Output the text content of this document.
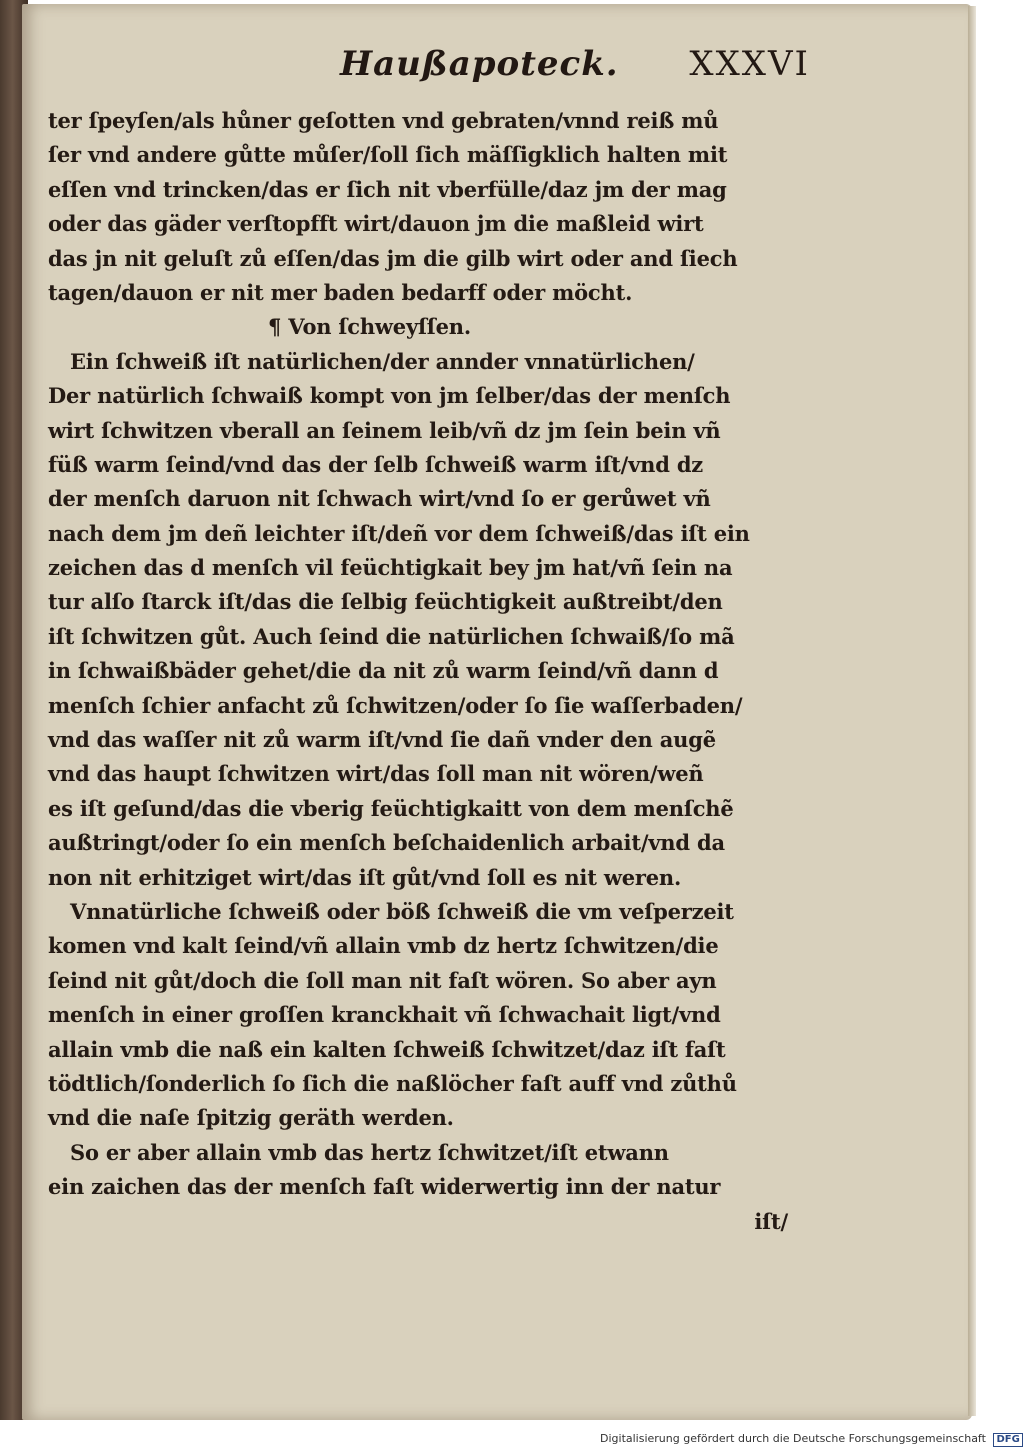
Haußapoteck. XXXVI
ter ſpeyſen/als hůner geſotten vnd gebraten/vnnd reiß mů
ſer vnd andere gůtte můſer/ſoll ſich mäſſigklich halten mit
eſſen vnd trincken/das er ſich nit vberfülle/daz jm der mag
oder das gäder verſtopfft wirt/dauon jm die maßleid wirt
das jn nit geluſt zů eſſen/das jm die gilb wirt oder and ſiech
tagen/dauon er nit mer baden bedarff oder möcht.
¶ Von ſchweyſſen.
Ein ſchweiß iſt natürlichen/der annder vnnatürlichen/
Der natürlich ſchwaiß kompt von jm ſelber/das der menſch
wirt ſchwitzen vberall an ſeinem leib/vñ dz jm ſein bein vñ
füß warm ſeind/vnd das der ſelb ſchweiß warm iſt/vnd dz
der menſch daruon nit ſchwach wirt/vnd ſo er gerůwet vñ
nach dem jm deñ leichter iſt/deñ vor dem ſchweiß/das iſt ein
zeichen das d menſch vil feüchtigkait bey jm hat/vñ ſein na
tur alſo ſtarck iſt/das die ſelbig feüchtigkeit außtreibt/den
iſt ſchwitzen gůt. Auch ſeind die natürlichen ſchwaiß/ſo mã
in ſchwaißbäder gehet/die da nit zů warm ſeind/vñ dann d
menſch ſchier anfacht zů ſchwitzen/oder ſo ſie waſſerbaden/
vnd das waſſer nit zů warm iſt/vnd ſie dañ vnder den augẽ
vnd das haupt ſchwitzen wirt/das ſoll man nit wören/weñ
es iſt geſund/das die vberig feüchtigkaitt von dem menſchẽ
außtringt/oder ſo ein menſch beſchaidenlich arbait/vnd da
non nit erhitziget wirt/das iſt gůt/vnd ſoll es nit weren.
Vnnatürliche ſchweiß oder böß ſchweiß die vm veſperzeit
komen vnd kalt ſeind/vñ allain vmb dz hertz ſchwitzen/die
ſeind nit gůt/doch die ſoll man nit faſt wören. So aber ayn
menſch in einer groſſen kranckhait vñ ſchwachait ligt/vnd
allain vmb die naß ein kalten ſchweiß ſchwitzet/daz iſt faſt
tödtlich/ſonderlich ſo ſich die naßlöcher faſt auff vnd zůthů
vnd die naſe ſpitzig geräth werden.
So er aber allain vmb das hertz ſchwitzet/iſt etwann
ein zaichen das der menſch faſt widerwertig inn der natur
iſt/
Digitalisierung gefördert durch die Deutsche Forschungsgemeinschaft DFG
